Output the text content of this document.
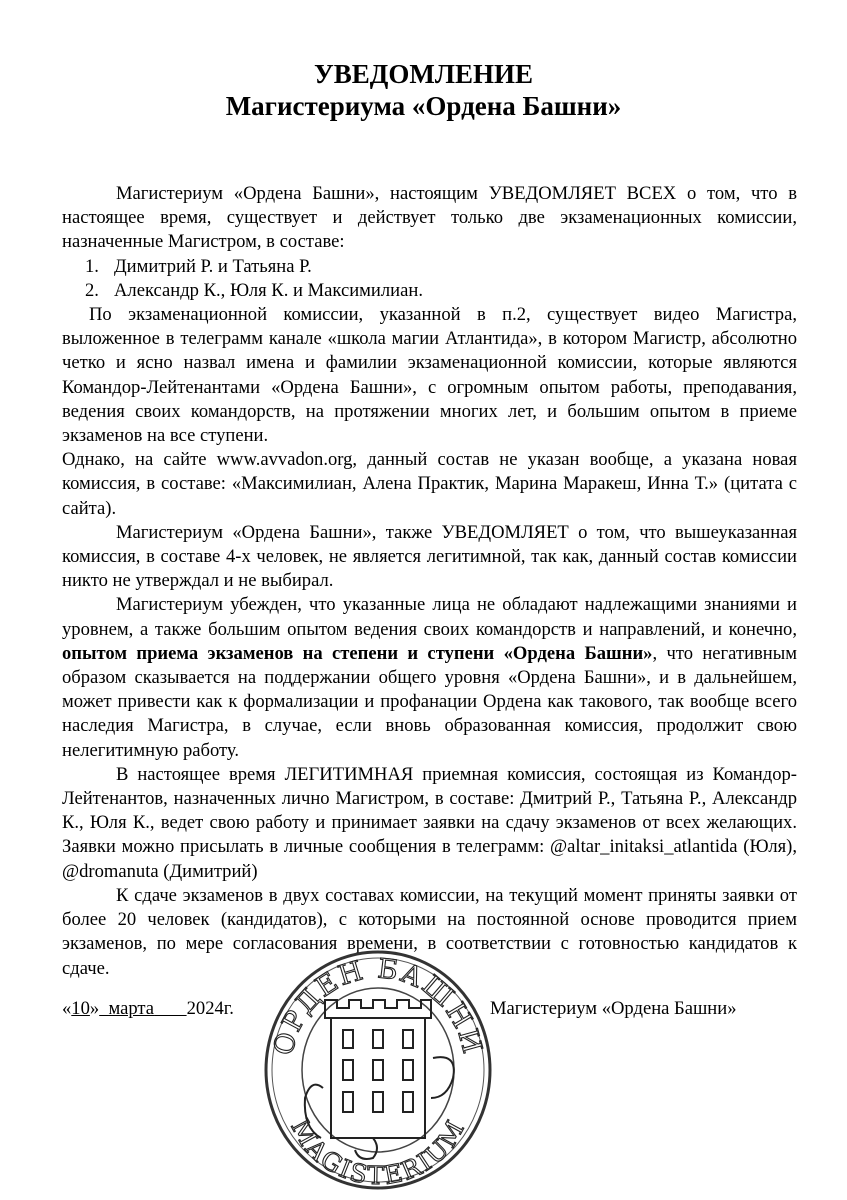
УВЕДОМЛЕНИЕ
Магистериума «Ордена Башни»

Магистериум «Ордена Башни», настоящим УВЕДОМЛЯЕТ ВСЕХ о том, что в настоящее время, существует и действует только две экзаменационных комиссии, назначенные Магистром, в составе:

1. Димитрий Р. и Татьяна Р.

2. Александр К., Юля К. и Максимилиан.

По экзаменационной комиссии, указанной в п.2, существует видео Магистра, выложенное в телеграмм канале «школа магии Атлантида», в котором Магистр, абсолютно четко и ясно назвал имена и фамилии экзаменационной комиссии, которые являются Командор-Лейтенантами «Ордена Башни», с огромным опытом работы, преподавания, ведения своих командорств, на протяжении многих лет, и большим опытом в приеме экзаменов на все ступени.

Однако, на сайте www.avvadon.org, данный состав не указан вообще, а указана новая комиссия, в составе: «Максимилиан, Алена Практик, Марина Маракеш, Инна Т.» (цитата с сайта).

Магистериум «Ордена Башни», также УВЕДОМЛЯЕТ о том, что вышеуказанная комиссия, в составе 4-х человек, не является легитимной, так как, данный состав комиссии никто не утверждал и не выбирал.

Магистериум убежден, что указанные лица не обладают надлежащими знаниями и уровнем, а также большим опытом ведения своих командорств и направлений, и конечно, опытом приема экзаменов на степени и ступени «Ордена Башни», что негативным образом сказывается на поддержании общего уровня «Ордена Башни», и в дальнейшем, может привести как к формализации и профанации Ордена как такового, так вообще всего наследия Магистра, в случае, если вновь образованная комиссия, продолжит свою нелегитимную работу.

В настоящее время ЛЕГИТИМНАЯ приемная комиссия, состоящая из Командор-Лейтенантов, назначенных лично Магистром, в составе: Дмитрий Р., Татьяна Р., Александр К., Юля К., ведет свою работу и принимает заявки на сдачу экзаменов от всех желающих. Заявки можно присылать в личные сообщения в телеграмм: @altar_initaksi_atlantida (Юля), @dromanuta (Димитрий)

К сдаче экзаменов в двух составах комиссии, на текущий момент приняты заявки от более 20 человек (кандидатов), с которыми на постоянной основе проводится прием экзаменов, по мере согласования времени, в соответствии с готовностью кандидатов к сдаче.

«10» марта 2024г.	Магистериум «Ордена Башни»
ОРДЕН БАШНИ
MAGISTERIUM
